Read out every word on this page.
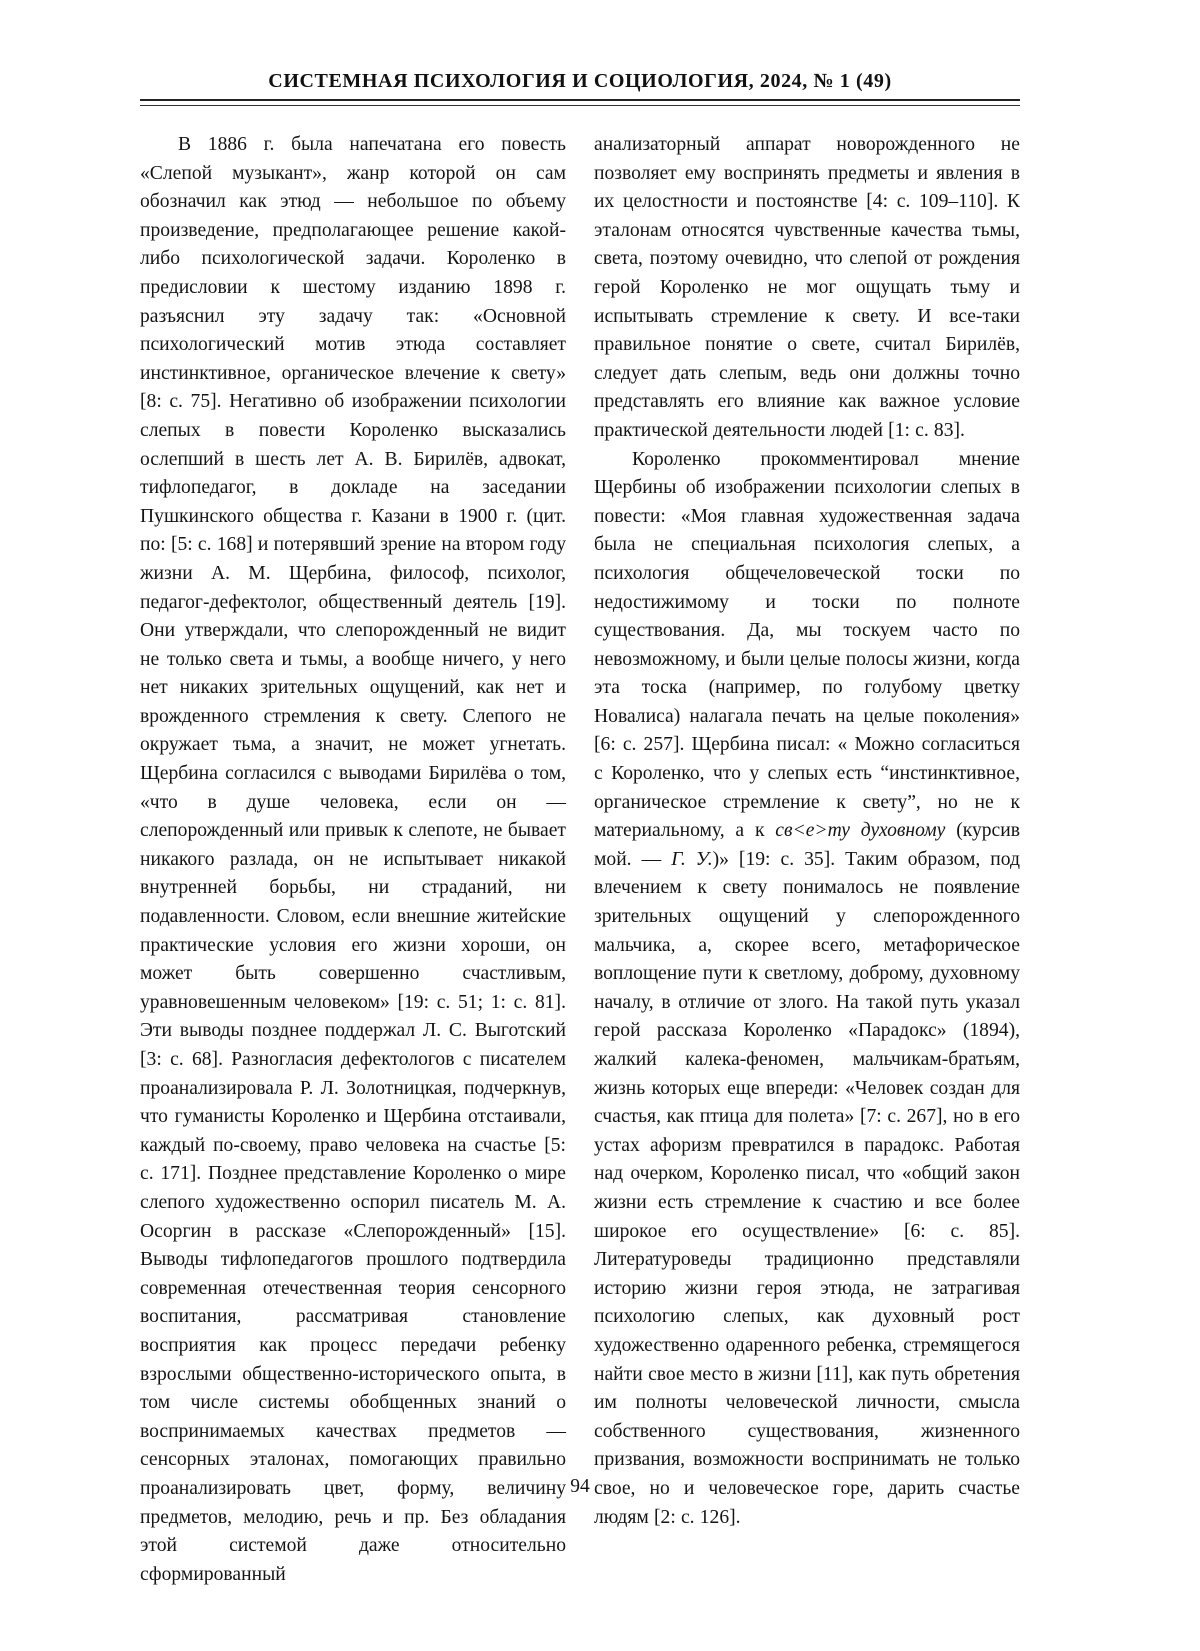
СИСТЕМНАЯ ПСИХОЛОГИЯ И СОЦИОЛОГИЯ, 2024, № 1 (49)

В 1886 г. была напечатана его повесть «Слепой музыкант», жанр которой он сам обозначил как этюд — небольшое по объему произведение, предполагающее решение какой-либо психологической задачи. Короленко в предисловии к шестому изданию 1898 г. разъяснил эту задачу так: «Основной психологический мотив этюда составляет инстинктивное, органическое влечение к свету» [8: с. 75]. Негативно об изображении психологии слепых в повести Короленко высказались ослепший в шесть лет А. В. Бирилёв, адвокат, тифлопедагог, в докладе на заседании Пушкинского общества г. Казани в 1900 г. (цит. по: [5: с. 168] и потерявший зрение на втором году жизни А. М. Щербина, философ, психолог, педагог-дефектолог, общественный деятель [19]. Они утверждали, что слепорожденный не видит не только света и тьмы, а вообще ничего, у него нет никаких зрительных ощущений, как нет и врожденного стремления к свету. Слепого не окружает тьма, а значит, не может угнетать. Щербина согласился с выводами Бирилёва о том, «что в душе человека, если он — слепорожденный или привык к слепоте, не бывает никакого разлада, он не испытывает никакой внутренней борьбы, ни страданий, ни подавленности. Словом, если внешние житейские практические условия его жизни хороши, он может быть совершенно счастливым, уравновешенным человеком» [19: с. 51; 1: с. 81]. Эти выводы позднее поддержал Л. С. Выготский [3: с. 68]. Разногласия дефектологов с писателем проанализировала Р. Л. Золотницкая, подчеркнув, что гуманисты Короленко и Щербина отстаивали, каждый по-своему, право человека на счастье [5: с. 171]. Позднее представление Короленко о мире слепого художественно оспорил писатель М. А. Осоргин в рассказе «Слепорожденный» [15]. Выводы тифлопедагогов прошлого подтвердила современная отечественная теория сенсорного воспитания, рассматривая становление восприятия как процесс передачи ребенку взрослыми общественно-исторического опыта, в том числе системы обобщенных знаний о воспринимаемых качествах предметов — сенсорных эталонах, помогающих правильно проанализировать цвет, форму, величину предметов, мелодию, речь и пр. Без обладания этой системой даже относительно сформированный

анализаторный аппарат новорожденного не позволяет ему воспринять предметы и явления в их целостности и постоянстве [4: с. 109–110]. К эталонам относятся чувственные качества тьмы, света, поэтому очевидно, что слепой от рождения герой Короленко не мог ощущать тьму и испытывать стремление к свету. И все-таки правильное понятие о свете, считал Бирилёв, следует дать слепым, ведь они должны точно представлять его влияние как важное условие практической деятельности людей [1: с. 83].

Короленко прокомментировал мнение Щербины об изображении психологии слепых в повести: «Моя главная художественная задача была не специальная психология слепых, а психология общечеловеческой тоски по недостижимому и тоски по полноте существования. Да, мы тоскуем часто по невозможному, и были целые полосы жизни, когда эта тоска (например, по голубому цветку Новалиса) налагала печать на целые поколения» [6: с. 257]. Щербина писал: « Можно согласиться с Короленко, что у слепых есть “инстинктивное, органическое стремление к свету”, но не к материальному, а к св<е>ту духовному (курсив мой. — Г. У.)» [19: с. 35]. Таким образом, под влечением к свету понималось не появление зрительных ощущений у слепорожденного мальчика, а, скорее всего, метафорическое воплощение пути к светлому, доброму, духовному началу, в отличие от злого. На такой путь указал герой рассказа Короленко «Парадокс» (1894), жалкий калека-феномен, мальчикам-братьям, жизнь которых еще впереди: «Человек создан для счастья, как птица для полета» [7: с. 267], но в его устах афоризм превратился в парадокс. Работая над очерком, Короленко писал, что «общий закон жизни есть стремление к счастию и все более широкое его осуществление» [6: с. 85]. Литературоведы традиционно представляли историю жизни героя этюда, не затрагивая психологию слепых, как духовный рост художественно одаренного ребенка, стремящегося найти свое место в жизни [11], как путь обретения им полноты человеческой личности, смысла собственного существования, жизненного призвания, возможности воспринимать не только свое, но и человеческое горе, дарить счастье людям [2: с. 126].

94
